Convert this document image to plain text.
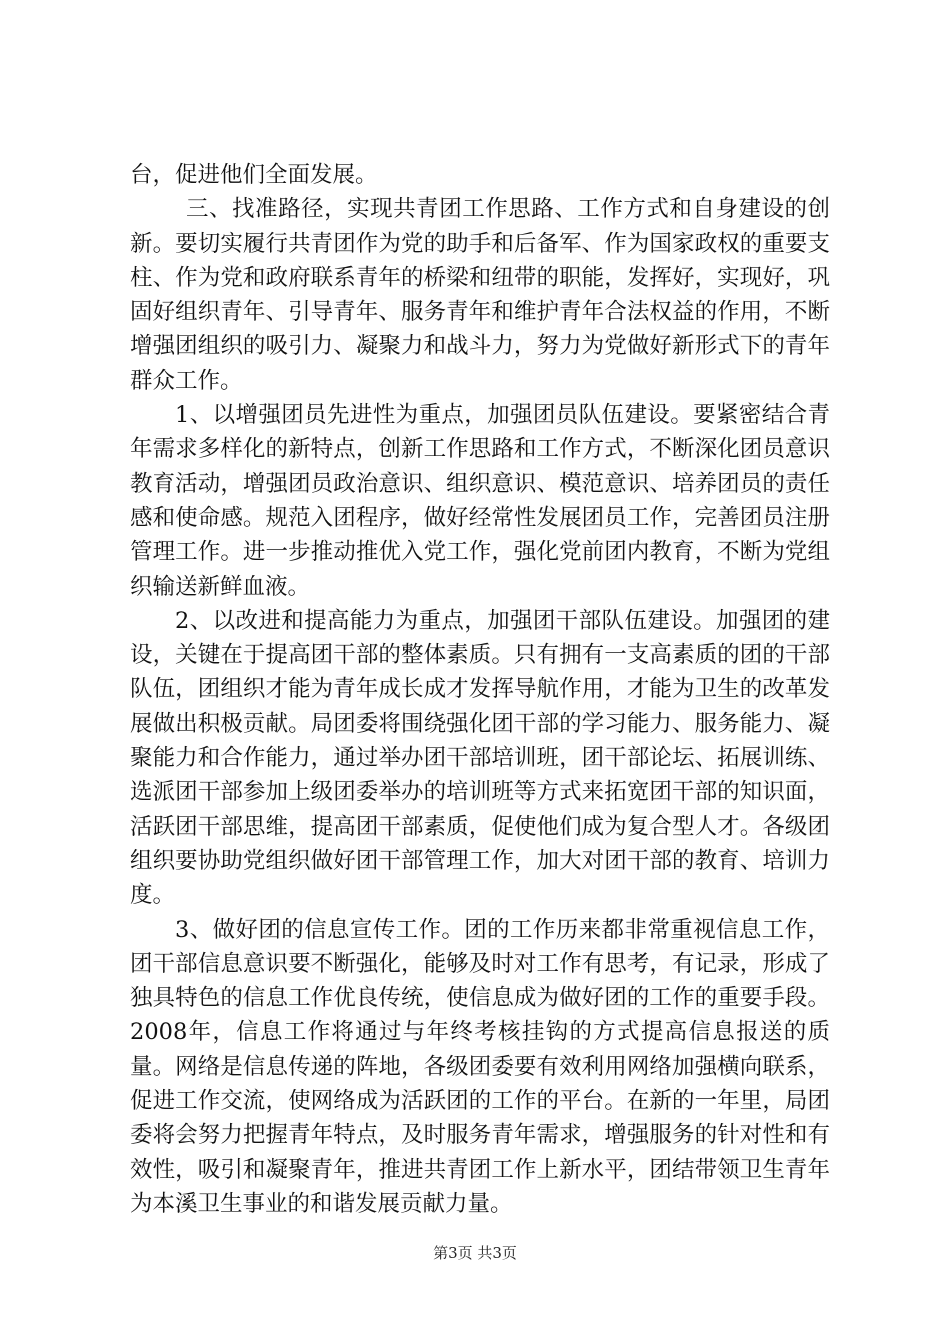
台，促进他们全面发展。

三、找准路径，实现共青团工作思路、工作方式和自身建设的创新。要切实履行共青团作为党的助手和后备军、作为国家政权的重要支柱、作为党和政府联系青年的桥梁和纽带的职能，发挥好，实现好，巩固好组织青年、引导青年、服务青年和维护青年合法权益的作用，不断增强团组织的吸引力、凝聚力和战斗力，努力为党做好新形式下的青年群众工作。

1、以增强团员先进性为重点，加强团员队伍建设。要紧密结合青年需求多样化的新特点，创新工作思路和工作方式，不断深化团员意识教育活动，增强团员政治意识、组织意识、模范意识、培养团员的责任感和使命感。规范入团程序，做好经常性发展团员工作，完善团员注册管理工作。进一步推动推优入党工作，强化党前团内教育，不断为党组织输送新鲜血液。

2、以改进和提高能力为重点，加强团干部队伍建设。加强团的建设，关键在于提高团干部的整体素质。只有拥有一支高素质的团的干部队伍，团组织才能为青年成长成才发挥导航作用，才能为卫生的改革发展做出积极贡献。局团委将围绕强化团干部的学习能力、服务能力、凝聚能力和合作能力，通过举办团干部培训班，团干部论坛、拓展训练、选派团干部参加上级团委举办的培训班等方式来拓宽团干部的知识面，活跃团干部思维，提高团干部素质，促使他们成为复合型人才。各级团组织要协助党组织做好团干部管理工作，加大对团干部的教育、培训力度。

3、做好团的信息宣传工作。团的工作历来都非常重视信息工作，团干部信息意识要不断强化，能够及时对工作有思考，有记录，形成了独具特色的信息工作优良传统，使信息成为做好团的工作的重要手段。2008年，信息工作将通过与年终考核挂钩的方式提高信息报送的质量。网络是信息传递的阵地，各级团委要有效利用网络加强横向联系，促进工作交流，使网络成为活跃团的工作的平台。在新的一年里，局团委将会努力把握青年特点，及时服务青年需求，增强服务的针对性和有效性，吸引和凝聚青年，推进共青团工作上新水平，团结带领卫生青年为本溪卫生事业的和谐发展贡献力量。

第3页 共3页
